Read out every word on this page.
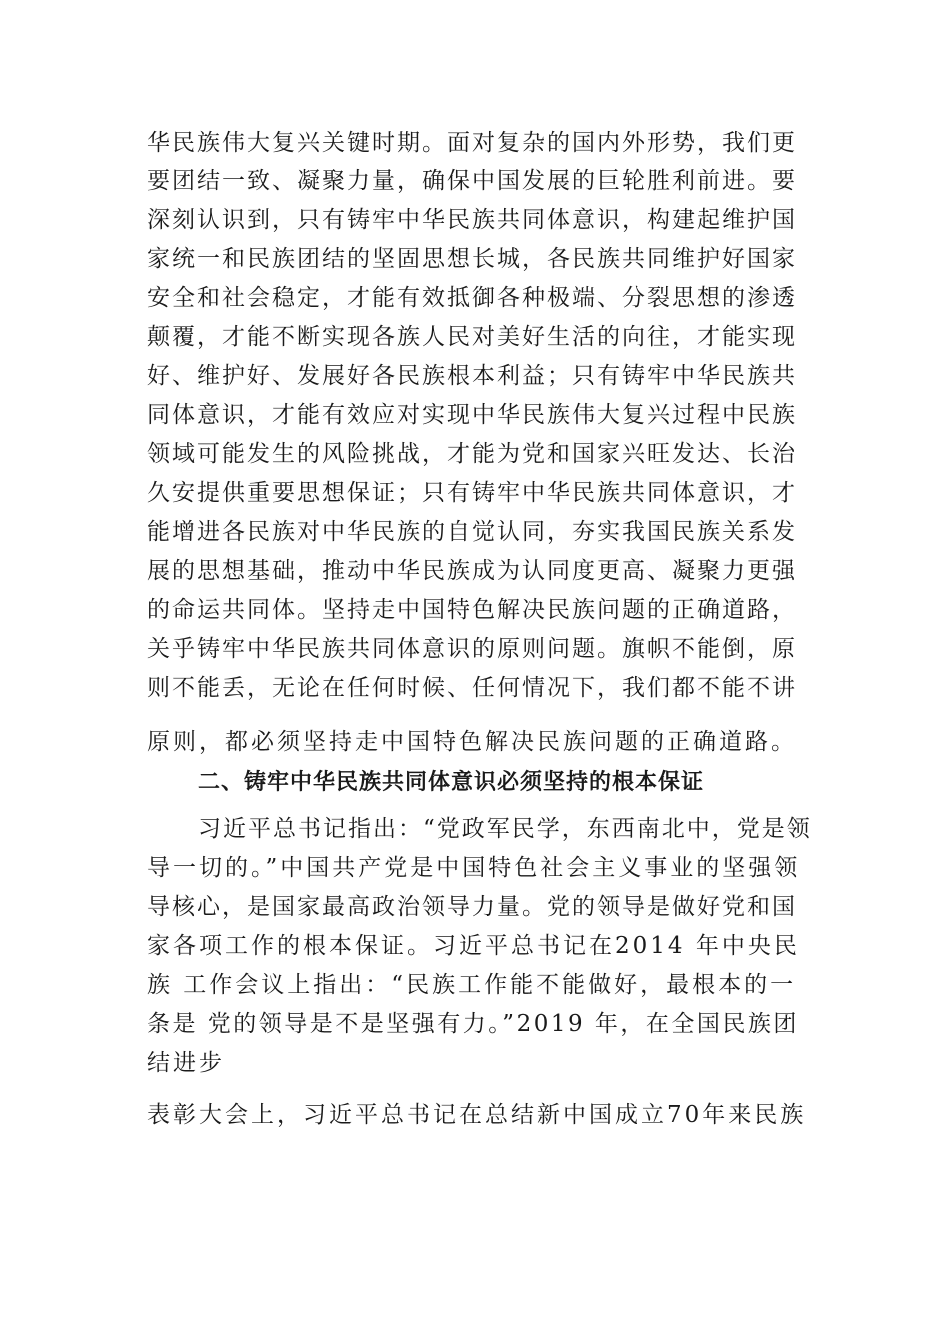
华民族伟大复兴关键时期。面对复杂的国内外形势，我们更
要团结一致、凝聚力量，确保中国发展的巨轮胜利前进。要
深刻认识到，只有铸牢中华民族共同体意识，构建起维护国
家统一和民族团结的坚固思想长城，各民族共同维护好国家
安全和社会稳定，才能有效抵御各种极端、分裂思想的渗透
颠覆，才能不断实现各族人民对美好生活的向往，才能实现
好、维护好、发展好各民族根本利益；只有铸牢中华民族共
同体意识，才能有效应对实现中华民族伟大复兴过程中民族
领域可能发生的风险挑战，才能为党和国家兴旺发达、长治
久安提供重要思想保证；只有铸牢中华民族共同体意识，才
能增进各民族对中华民族的自觉认同，夯实我国民族关系发
展的思想基础，推动中华民族成为认同度更高、凝聚力更强
的命运共同体。坚持走中国特色解决民族问题的正确道路，
关乎铸牢中华民族共同体意识的原则问题。旗帜不能倒，原
则不能丢，无论在任何时候、任何情况下，我们都不能不讲
原则，都必须坚持走中国特色解决民族问题的正确道路。
二、铸牢中华民族共同体意识必须坚持的根本保证
习近平总书记指出：“党政军民学，东西南北中，党是领
导一切的。”中国共产党是中国特色社会主义事业的坚强领
导核心，是国家最高政治领导力量。党的领导是做好党和国
家各项工作的根本保证。习近平总书记在2014 年中央民
族 工作会议上指出：“民族工作能不能做好，最根本的一
条是 党的领导是不是坚强有力。”2019 年，在全国民族团
结进步
表彰大会上，习近平总书记在总结新中国成立70年来民族
